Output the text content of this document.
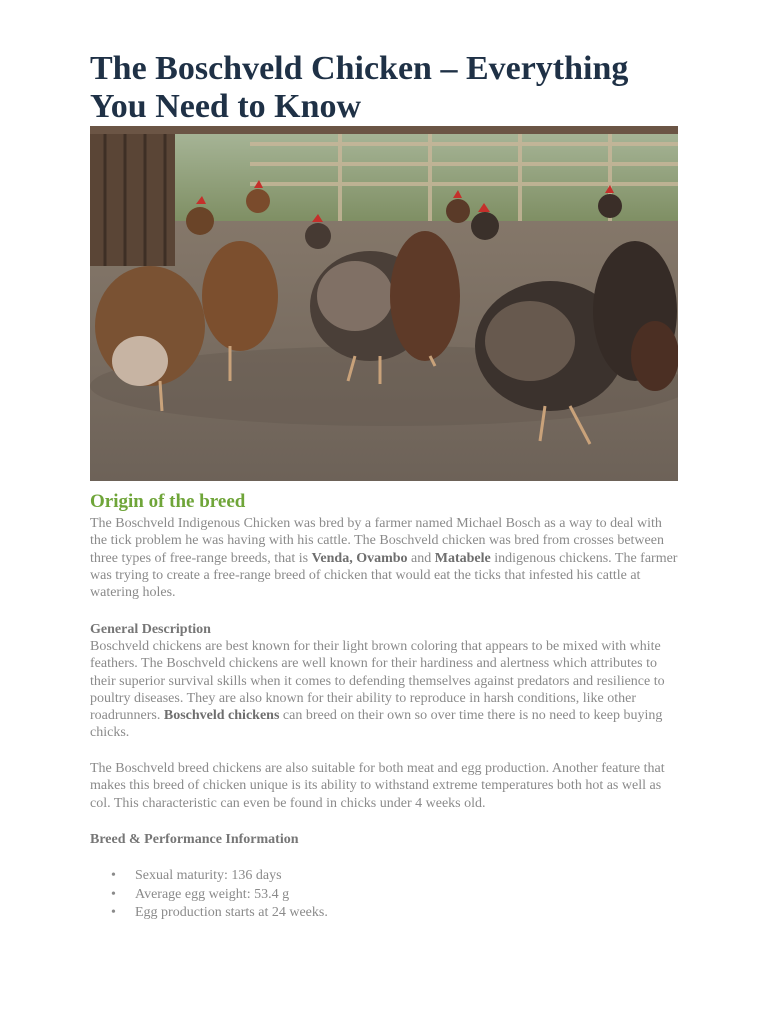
The Boschveld Chicken – Everything You Need to Know
Origin of the breed

The Boschveld Indigenous Chicken was bred by a farmer named Michael Bosch as a way to deal with the tick problem he was having with his cattle. The Boschveld chicken was bred from crosses between three types of free-range breeds, that is Venda, Ovambo and Matabele indigenous chickens. The farmer was trying to create a free-range breed of chicken that would eat the ticks that infested his cattle at watering holes.

General Description

Boschveld chickens are best known for their light brown coloring that appears to be mixed with white feathers. The Boschveld chickens are well known for their hardiness and alertness which attributes to their superior survival skills when it comes to defending themselves against predators and resilience to poultry diseases. They are also known for their ability to reproduce in harsh conditions, like other roadrunners. Boschveld chickens can breed on their own so over time there is no need to keep buying chicks.

The Boschveld breed chickens are also suitable for both meat and egg production. Another feature that makes this breed of chicken unique is its ability to withstand extreme temperatures both hot as well as col. This characteristic can even be found in chicks under 4 weeks old.

Breed & Performance Information

• Sexual maturity: 136 days
• Average egg weight: 53.4 g
• Egg production starts at 24 weeks.
